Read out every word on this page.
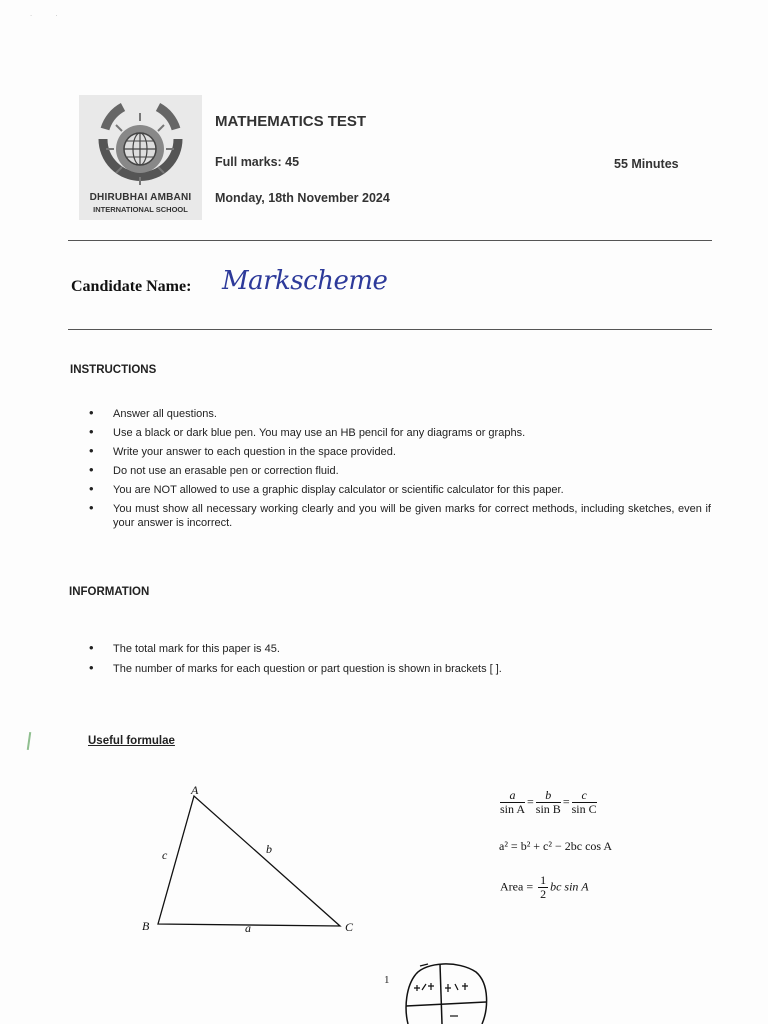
˙         ˙
DHIRUBHAI AMBANI
INTERNATIONAL SCHOOL
MATHEMATICS TEST
Full marks: 45	55 Minutes
Monday, 18th November 2024
Candidate Name: Markscheme
INSTRUCTIONS
• Answer all questions.
• Use a black or dark blue pen. You may use an HB pencil for any diagrams or graphs.
• Write your answer to each question in the space provided.
• Do not use an erasable pen or correction fluid.
• You are NOT allowed to use a graphic display calculator or scientific calculator for this paper.
• You must show all necessary working clearly and you will be given marks for correct methods, including sketches, even if your answer is incorrect.
INFORMATION
• The total mark for this paper is 45.
• The number of marks for each question or part question is shown in brackets [ ].
Useful formulae
A
B	C
c	b
a
$\frac{a}{\text{sin A}} = \frac{b}{\text{sin B}} = \frac{c}{\text{sin C}}$
a² = b² + c² − 2bc cos A
Area = $\frac{1}{2}$ bc sin A
1
